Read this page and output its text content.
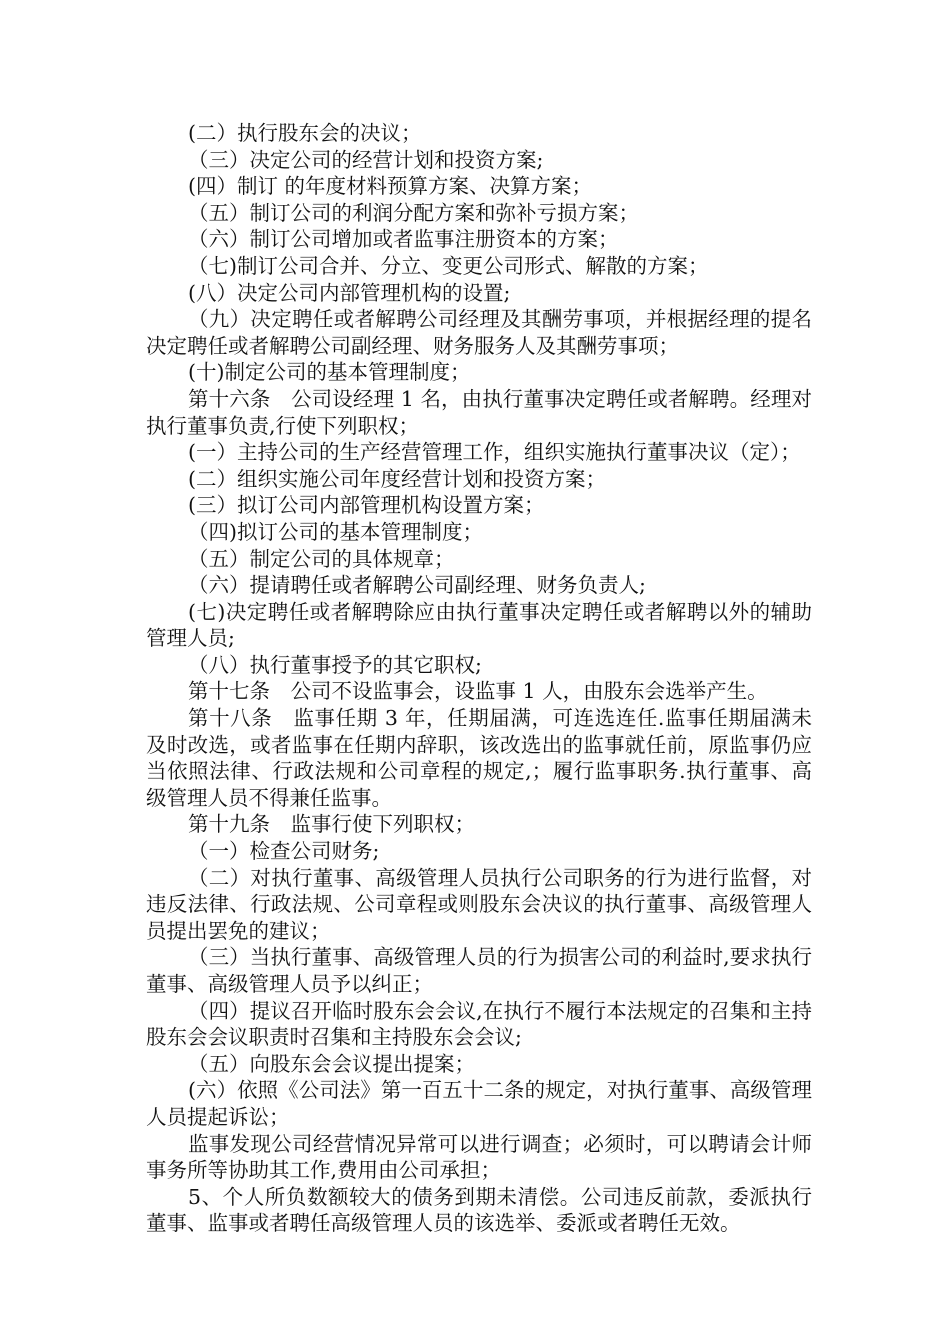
(二）执行股东会的决议；

（三）决定公司的经营计划和投资方案;

(四）制订 的年度材料预算方案、决算方案；

（五）制订公司的利润分配方案和弥补亏损方案；

（六）制订公司增加或者监事注册资本的方案；

（七)制订公司合并、分立、变更公司形式、解散的方案；

(八）决定公司内部管理机构的设置;

（九）决定聘任或者解聘公司经理及其酬劳事项，并根据经理的提名决定聘任或者解聘公司副经理、财务服务人及其酬劳事项；

(十)制定公司的基本管理制度；

第十六条　公司设经理 1 名，由执行董事决定聘任或者解聘。经理对执行董事负责,行使下列职权；

(一）主持公司的生产经营管理工作，组织实施执行董事决议（定）；

(二）组织实施公司年度经营计划和投资方案；

(三）拟订公司内部管理机构设置方案；

（四)拟订公司的基本管理制度；

（五）制定公司的具体规章；

（六）提请聘任或者解聘公司副经理、财务负责人;

(七)决定聘任或者解聘除应由执行董事决定聘任或者解聘以外的辅助管理人员;

（八）执行董事授予的其它职权;

第十七条　公司不设监事会，设监事 1 人，由股东会选举产生。

第十八条　监事任期 3 年，任期届满，可连选连任.监事任期届满未及时改选，或者监事在任期内辞职，该改选出的监事就任前，原监事仍应当依照法律、行政法规和公司章程的规定,；履行监事职务.执行董事、高级管理人员不得兼任监事。

第十九条　监事行使下列职权；

（一）检查公司财务;

（二）对执行董事、高级管理人员执行公司职务的行为进行监督，对违反法律、行政法规、公司章程或则股东会决议的执行董事、高级管理人员提出罢免的建议；

（三）当执行董事、高级管理人员的行为损害公司的利益时,要求执行董事、高级管理人员予以纠正；

（四）提议召开临时股东会会议,在执行不履行本法规定的召集和主持股东会会议职责时召集和主持股东会会议;

（五）向股东会会议提出提案；

(六）依照《公司法》第一百五十二条的规定，对执行董事、高级管理人员提起诉讼；

监事发现公司经营情况异常可以进行调查；必须时，可以聘请会计师事务所等协助其工作,费用由公司承担；

5、个人所负数额较大的债务到期未清偿。公司违反前款，委派执行董事、监事或者聘任高级管理人员的该选举、委派或者聘任无效。
